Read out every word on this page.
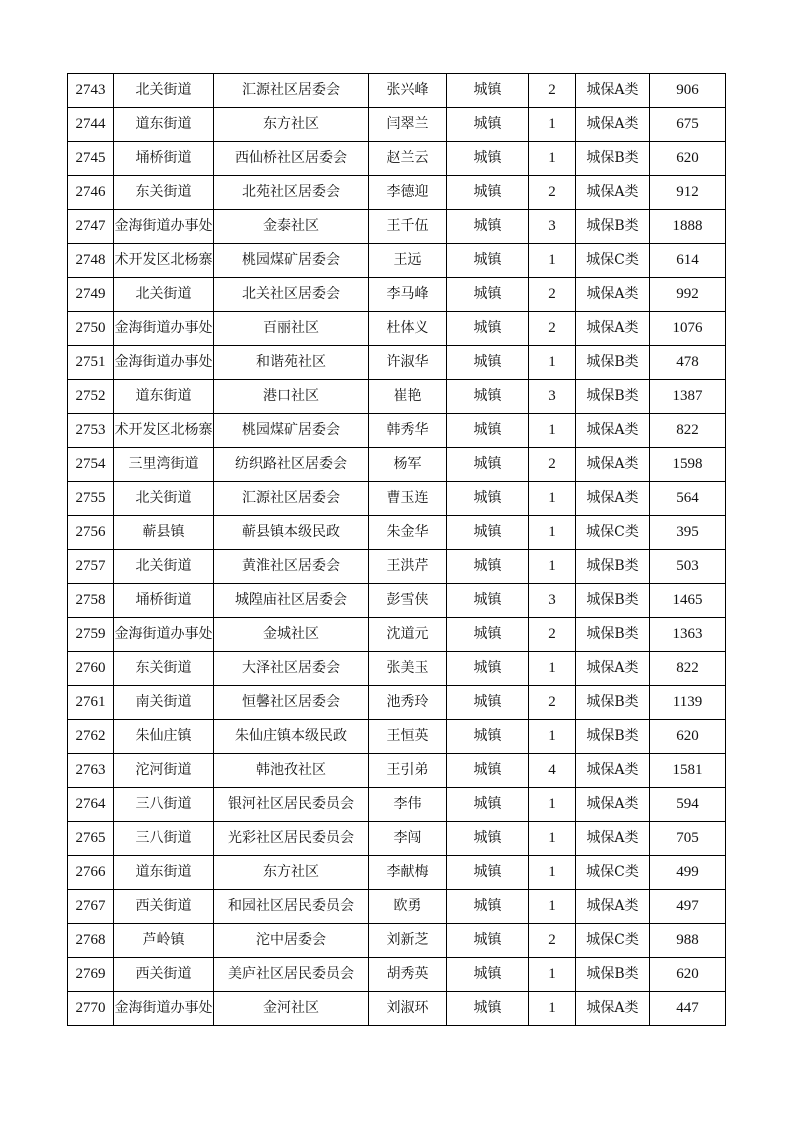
2743	北关街道	汇源社区居委会	张兴峰	城镇	2	城保A类	906
2744	道东街道	东方社区	闫翠兰	城镇	1	城保A类	675
2745	埇桥街道	西仙桥社区居委会	赵兰云	城镇	1	城保B类	620
2746	东关街道	北苑社区居委会	李德迎	城镇	2	城保A类	912
2747	金海街道办事处	金泰社区	王千伍	城镇	3	城保B类	1888
2748	术开发区北杨寨	桃园煤矿居委会	王远	城镇	1	城保C类	614
2749	北关街道	北关社区居委会	李马峰	城镇	2	城保A类	992
2750	金海街道办事处	百丽社区	杜体义	城镇	2	城保A类	1076
2751	金海街道办事处	和谐苑社区	许淑华	城镇	1	城保B类	478
2752	道东街道	港口社区	崔艳	城镇	3	城保B类	1387
2753	术开发区北杨寨	桃园煤矿居委会	韩秀华	城镇	1	城保A类	822
2754	三里湾街道	纺织路社区居委会	杨军	城镇	2	城保A类	1598
2755	北关街道	汇源社区居委会	曹玉连	城镇	1	城保A类	564
2756	蕲县镇	蕲县镇本级民政	朱金华	城镇	1	城保C类	395
2757	北关街道	黄淮社区居委会	王洪芹	城镇	1	城保B类	503
2758	埇桥街道	城隍庙社区居委会	彭雪侠	城镇	3	城保B类	1465
2759	金海街道办事处	金城社区	沈道元	城镇	2	城保B类	1363
2760	东关街道	大泽社区居委会	张美玉	城镇	1	城保A类	822
2761	南关街道	恒馨社区居委会	池秀玲	城镇	2	城保B类	1139
2762	朱仙庄镇	朱仙庄镇本级民政	王恒英	城镇	1	城保B类	620
2763	沱河街道	韩池孜社区	王引弟	城镇	4	城保A类	1581
2764	三八街道	银河社区居民委员会	李伟	城镇	1	城保A类	594
2765	三八街道	光彩社区居民委员会	李闯	城镇	1	城保A类	705
2766	道东街道	东方社区	李献梅	城镇	1	城保C类	499
2767	西关街道	和园社区居民委员会	欧勇	城镇	1	城保A类	497
2768	芦岭镇	沱中居委会	刘新芝	城镇	2	城保C类	988
2769	西关街道	美庐社区居民委员会	胡秀英	城镇	1	城保B类	620
2770	金海街道办事处	金河社区	刘淑环	城镇	1	城保A类	447
